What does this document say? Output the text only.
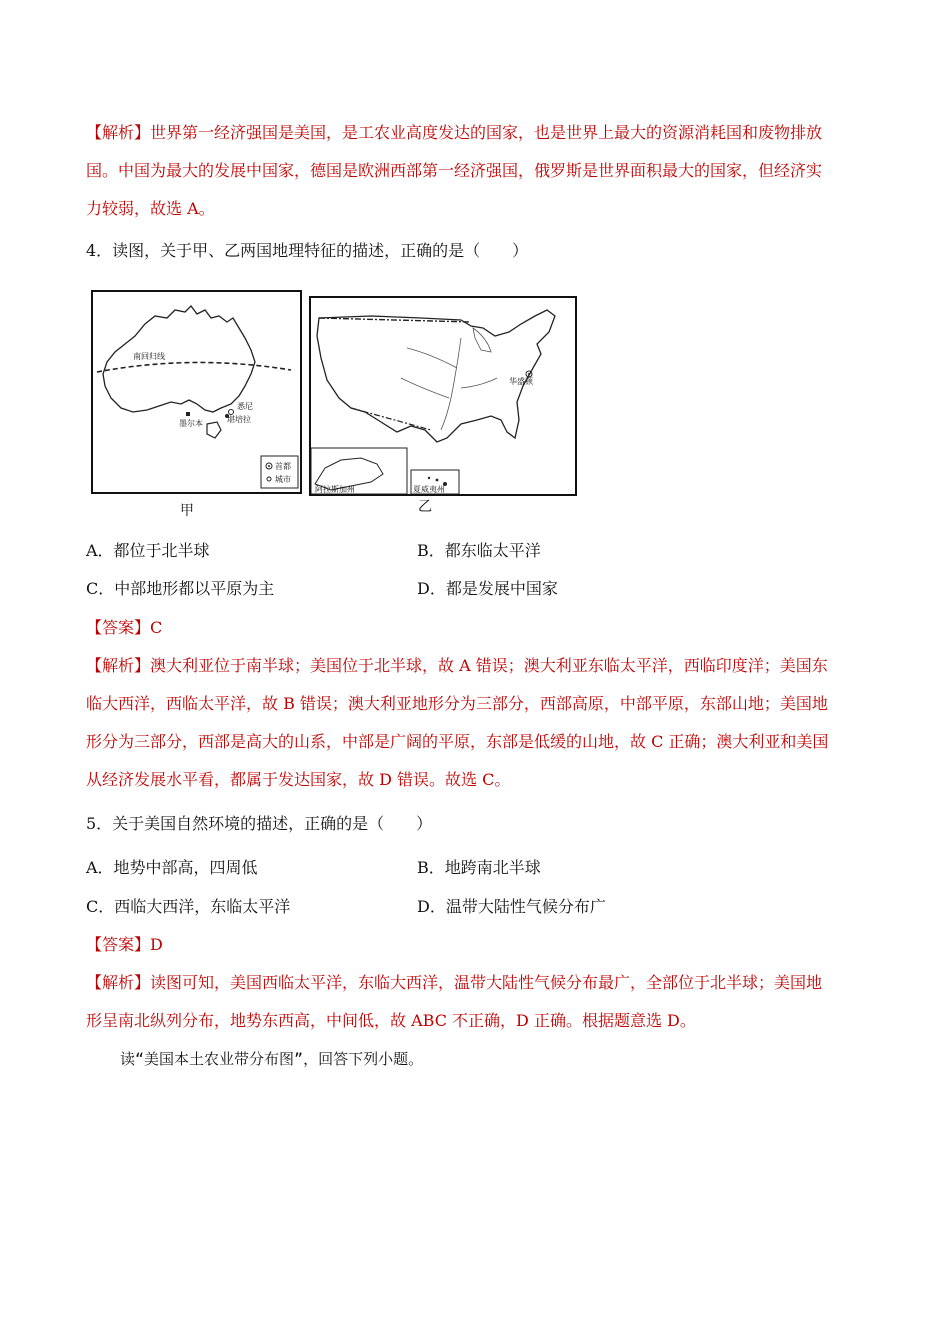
【解析】世界第一经济强国是美国，是工农业高度发达的国家，也是世界上最大的资源消耗国和废物排放
国。中国为最大的发展中国家，德国是欧洲西部第一经济强国，俄罗斯是世界面积最大的国家，但经济实
力较弱，故选 A。
4．读图，关于甲、乙两国地理特征的描述，正确的是（　　）
南回归线
悉尼
堪培拉
墨尔本
首都
城市
甲
华盛顿
阿拉斯加州	夏威夷州
乙
A．都位于北半球	B．都东临太平洋
C．中部地形都以平原为主	D．都是发展中国家
【答案】C
【解析】澳大利亚位于南半球；美国位于北半球，故 A 错误；澳大利亚东临太平洋，西临印度洋；美国东
临大西洋，西临太平洋，故 B 错误；澳大利亚地形分为三部分，西部高原，中部平原，东部山地；美国地
形分为三部分，西部是高大的山系，中部是广阔的平原，东部是低缓的山地，故 C 正确；澳大利亚和美国
从经济发展水平看，都属于发达国家，故 D 错误。故选 C。
5．关于美国自然环境的描述，正确的是（　　）
A．地势中部高，四周低	B．地跨南北半球
C．西临大西洋，东临太平洋	D．温带大陆性气候分布广
【答案】D
【解析】读图可知，美国西临太平洋，东临大西洋，温带大陆性气候分布最广，全部位于北半球；美国地
形呈南北纵列分布，地势东西高，中间低，故 ABC 不正确，D 正确。根据题意选 D。
读“美国本土农业带分布图”，回答下列小题。
